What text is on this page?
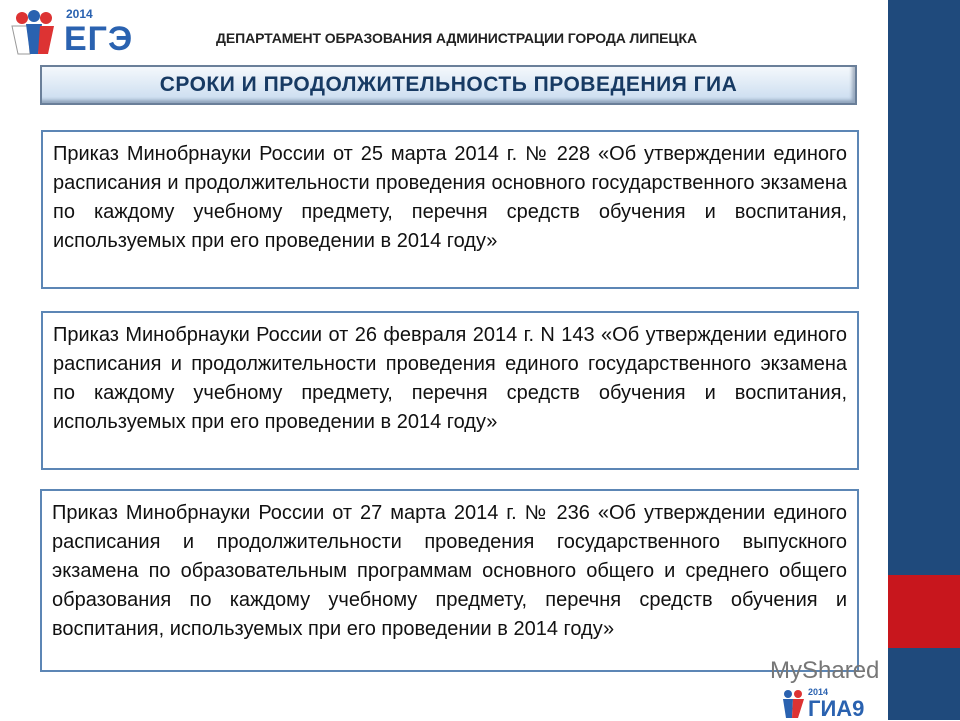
2014
ЕГЭ	ДЕПАРТАМЕНТ ОБРАЗОВАНИЯ АДМИНИСТРАЦИИ ГОРОДА ЛИПЕЦКА
СРОКИ И ПРОДОЛЖИТЕЛЬНОСТЬ ПРОВЕДЕНИЯ ГИА
Приказ Минобрнауки России от 25 марта 2014 г. № 228 «Об утверждении единого расписания и продолжительности проведения основного государственного экзамена по каждому учебному предмету, перечня средств обучения и воспитания, используемых при его проведении в 2014 году»
Приказ Минобрнауки России от 26 февраля 2014 г. N 143 «Об утверждении единого расписания и продолжительности проведения единого государственного экзамена по каждому учебному предмету, перечня средств обучения и воспитания, используемых при его проведении в 2014 году»
Приказ Минобрнауки России от 27 марта 2014 г. № 236 «Об утверждении единого расписания и продолжительности проведения государственного выпускного экзамена по образовательным программам основного общего и среднего общего образования по каждому учебному предмету, перечня средств обучения и воспитания, используемых при его проведении в 2014 году»
MyShared
2014
ГИА9
